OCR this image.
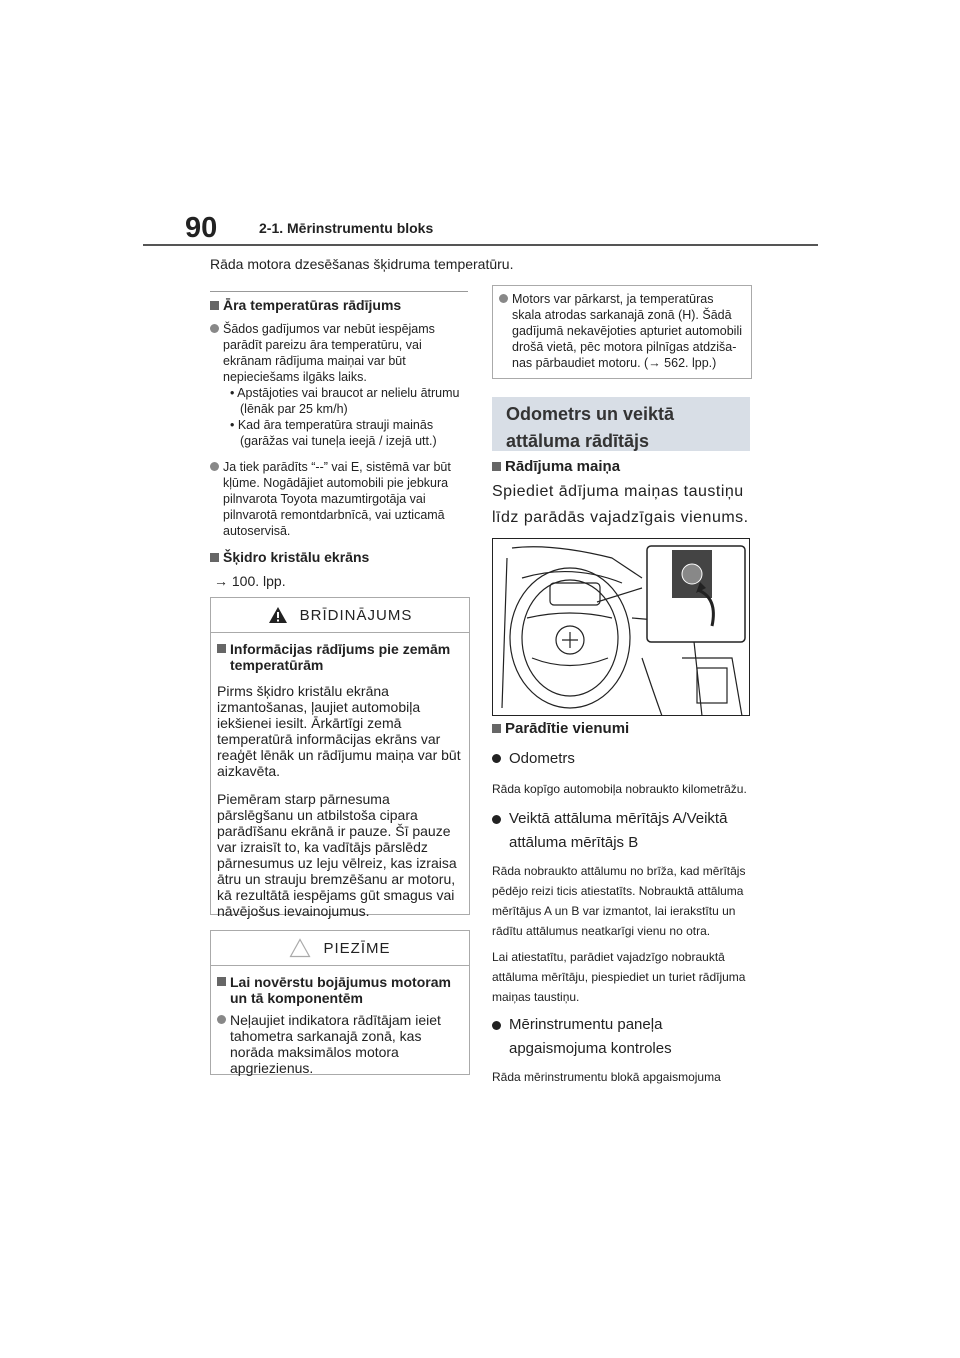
90	2-1. Mērinstrumentu bloks
Rāda motora dzesēšanas šķidruma temperatūru.
Āra temperatūras rādījums
Šādos gadījumos var nebūt iespējams parādīt pareizu āra temperatūru, vai ekrānam rādījuma maiņai var būt nepieciešams ilgāks laiks.
• Apstājoties vai braucot ar nelielu ātrumu (lēnāk par 25 km/h)
• Kad āra temperatūra strauji mainās (garāžas vai tuneļa ieejā / izejā utt.)
Ja tiek parādīts “--” vai E, sistēmā var būt kļūme. Nogādājiet automobili pie jebkura pilnvarota Toyota mazumtirgotāja vai pilnvarotā remontdarbnīcā, vai uzticamā autoservisā.
Šķidro kristālu ekrāns
→ 100. lpp.
BRĪDINĀJUMS
Informācijas rādījums pie zemām temperatūrām
Pirms šķidro kristālu ekrāna izmantošanas, ļaujiet automobiļa iekšienei iesilt. Ārkārtīgi zemā temperatūrā informācijas ekrāns var reaģēt lēnāk un rādījumu maiņa var būt aizkavēta.
Piemēram starp pārnesuma pārslēgšanu un atbilstoša cipara parādīšanu ekrānā ir pauze. Šī pauze var izraisīt to, ka vadītājs pārslēdz pārnesumus uz leju vēlreiz, kas izraisa ātru un strauju bremzēšanu ar motoru, kā rezultātā iespējams gūt smagus vai nāvējošus ievainojumus.
PIEZĪME
Lai novērstu bojājumus motoram un tā komponentēm
Neļaujiet indikatora rādītājam ieiet tahometra sarkanajā zonā, kas norāda maksimālos motora apgriezienus.
Motors var pārkarst, ja temperatūras skala atrodas sarkanajā zonā (H). Šādā gadījumā nekavējoties apturiet automobili drošā vietā, pēc motora pilnīgas atdziša-nas pārbaudiet motoru. (→ 562. lpp.)
Odometrs un veiktā attāluma rādītājs
Rādījuma maiņa
Spiediet ādījuma maiņas taustiņu līdz parādās vajadzīgais vienums.
Parādītie vienumi
Odometrs
Rāda kopīgo automobiļa nobraukto kilometrāžu.
Veiktā attāluma mērītājs A/Veiktā attāluma mērītājs B
Rāda nobraukto attālumu no brīža, kad mērītājs pēdējo reizi ticis atiestatīts. Nobrauktā attāluma mērītājus A un B var izmantot, lai ierakstītu un rādītu attālumus neatkarīgi vienu no otra.
Lai atiestatītu, parādiet vajadzīgo nobrauktā attāluma mērītāju, piespiediet un turiet rādījuma maiņas taustiņu.
Mērinstrumentu paneļa apgaismojuma kontroles
Rāda mērinstrumentu blokā apgaismojuma
